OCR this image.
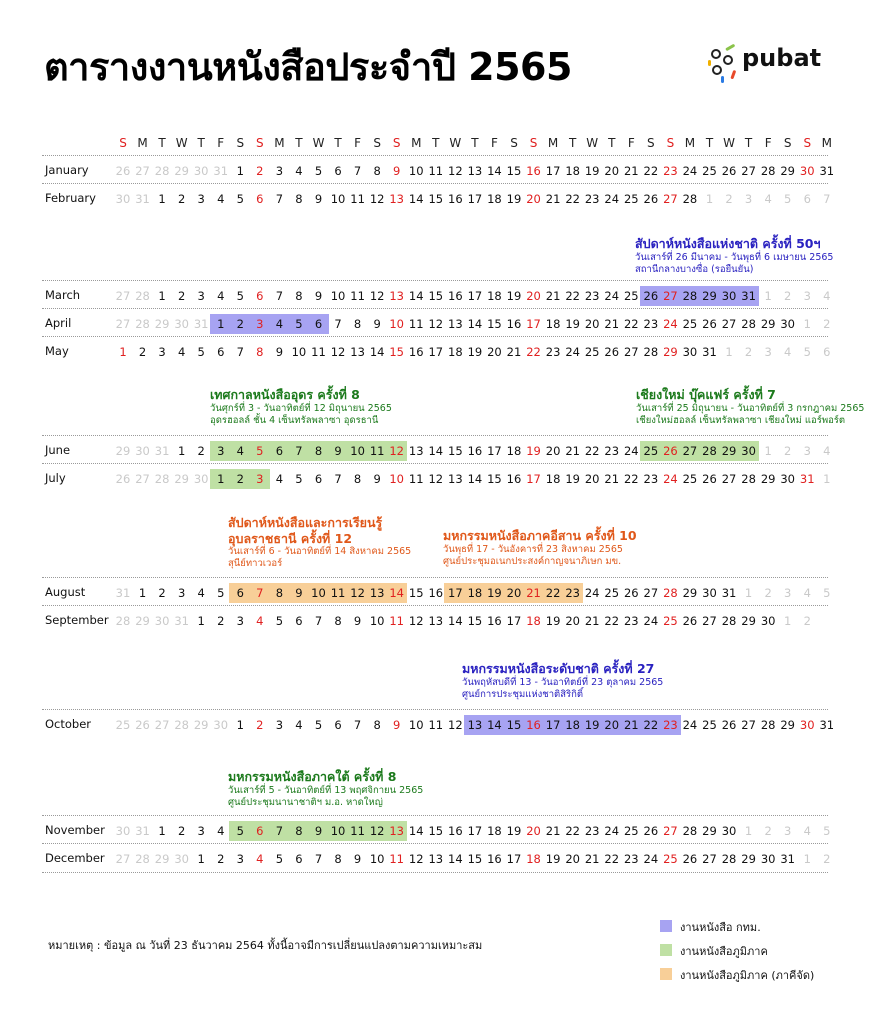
ตารางงานหนังสือประจำปี 2565	pubat
S M T W T	F	S S M T W T	F	S S M T W T	F	S S M T W T	F	S S M T W T	F	S S M
January 26 27 28 29 30 31 1	2	3	4	5	6	7	8	9 10 11 12 13 14 15 16 17 18 19 20 21 22 23 24 25 26 27 28 29 30 31
February 30 31 1	2	3	4	5	6	7	8	9 10 11 12 13 14 15 16 17 18 19 20 21 22 23 24 25 26 27 28 1	2	3	4	5	6	7
March	27 28 1	2	3	4	5	6	7	8	9 10 11 12 13 14 15 16 17 18 19 20 21 22 23 24 25 26 27 28 29 30 31 1	2	3	4
April	27 28 29 30 31 1	2	3	4	5	6	7	8	9 10 11 12 13 14 15 16 17 18 19 20 21 22 23 24 25 26 27 28 29 30 1	2
May	1	2	3	4	5	6	7	8	9 10 11 12 13 14 15 16 17 18 19 20 21 22 23 24 25 26 27 28 29 30 31 1	2	3	4	5	6
June	29 30 31 1	2	3	4	5	6	7	8	9 10 11 12 13 14 15 16 17 18 19 20 21 22 23 24 25 26 27 28 29 30 1	2	3	4
July	26 27 28 29 30 1	2	3	4	5	6	7	8	9 10 11 12 13 14 15 16 17 18 19 20 21 22 23 24 25 26 27 28 29 30 31 1
August	31 1	2	3	4	5	6	7	8	9 10 11 12 13 14 15 16 17 18 19 20 21 22 23 24 25 26 27 28 29 30 31 1	2	3	4	5
September 28 29 30 31 1	2	3	4	5	6	7	8	9 10 11 12 13 14 15 16 17 18 19 20 21 22 23 24 25 26 27 28 29 30 1	2
October 25 26 27 28 29 30 1	2	3	4	5	6	7	8	9 10 11 12 13 14 15 16 17 18 19 20 21 22 23 24 25 26 27 28 29 30 31
November 30 31 1	2	3	4	5	6	7	8	9 10 11 12 13 14 15 16 17 18 19 20 21 22 23 24 25 26 27 28 29 30 1	2	3	4	5
December 27 28 29 30 1	2	3	4	5	6	7	8	9 10 11 12 13 14 15 16 17 18 19 20 21 22 23 24 25 26 27 28 29 30 31 1	2
สัปดาห์หนังสือแห่งชาติ ครั้งที่ 50ฯ
วันเสาร์ที่ 26 มีนาคม - วันพุธที่ 6 เมษายน 2565
สถานีกลางบางซื่อ (รอยืนยัน)
เทศกาลหนังสืออุดร ครั้งที่ 8
วันศุกร์ที่ 3 - วันอาทิตย์ที่ 12 มิถุนายน 2565
อุดรฮอลล์ ชั้น 4 เซ็นทรัลพลาซา อุดรธานี
เชียงใหม่ บุ๊คแฟร์ ครั้งที่ 7
วันเสาร์ที่ 25 มิถุนายน - วันอาทิตย์ที่ 3 กรกฎาคม 2565
เชียงใหม่ฮอลล์ เซ็นทรัลพลาซา เชียงใหม่ แอร์พอร์ต
สัปดาห์หนังสือและการเรียนรู้ อุบลราชธานี ครั้งที่ 12
วันเสาร์ที่ 6 - วันอาทิตย์ที่ 14 สิงหาคม 2565
สุนีย์ทาวเวอร์
มหกรรมหนังสือภาคอีสาน ครั้งที่ 10
วันพุธที่ 17 - วันอังคารที่ 23 สิงหาคม 2565
ศูนย์ประชุมอเนกประสงค์กาญจนาภิเษก มข.
มหกรรมหนังสือระดับชาติ ครั้งที่ 27
วันพฤหัสบดีที่ 13 - วันอาทิตย์ที่ 23 ตุลาคม 2565
ศูนย์การประชุมแห่งชาติสิริกิติ์
มหกรรมหนังสือภาคใต้ ครั้งที่ 8
วันเสาร์ที่ 5 - วันอาทิตย์ที่ 13 พฤศจิกายน 2565
ศูนย์ประชุมนานาชาติฯ ม.อ. หาดใหญ่
หมายเหตุ : ข้อมูล ณ วันที่ 23 ธันวาคม 2564 ทั้งนี้อาจมีการเปลี่ยนแปลงตามความเหมาะสม
งานหนังสือ กทม.
งานหนังสือภูมิภาค
งานหนังสือภูมิภาค (ภาคีจัด)
